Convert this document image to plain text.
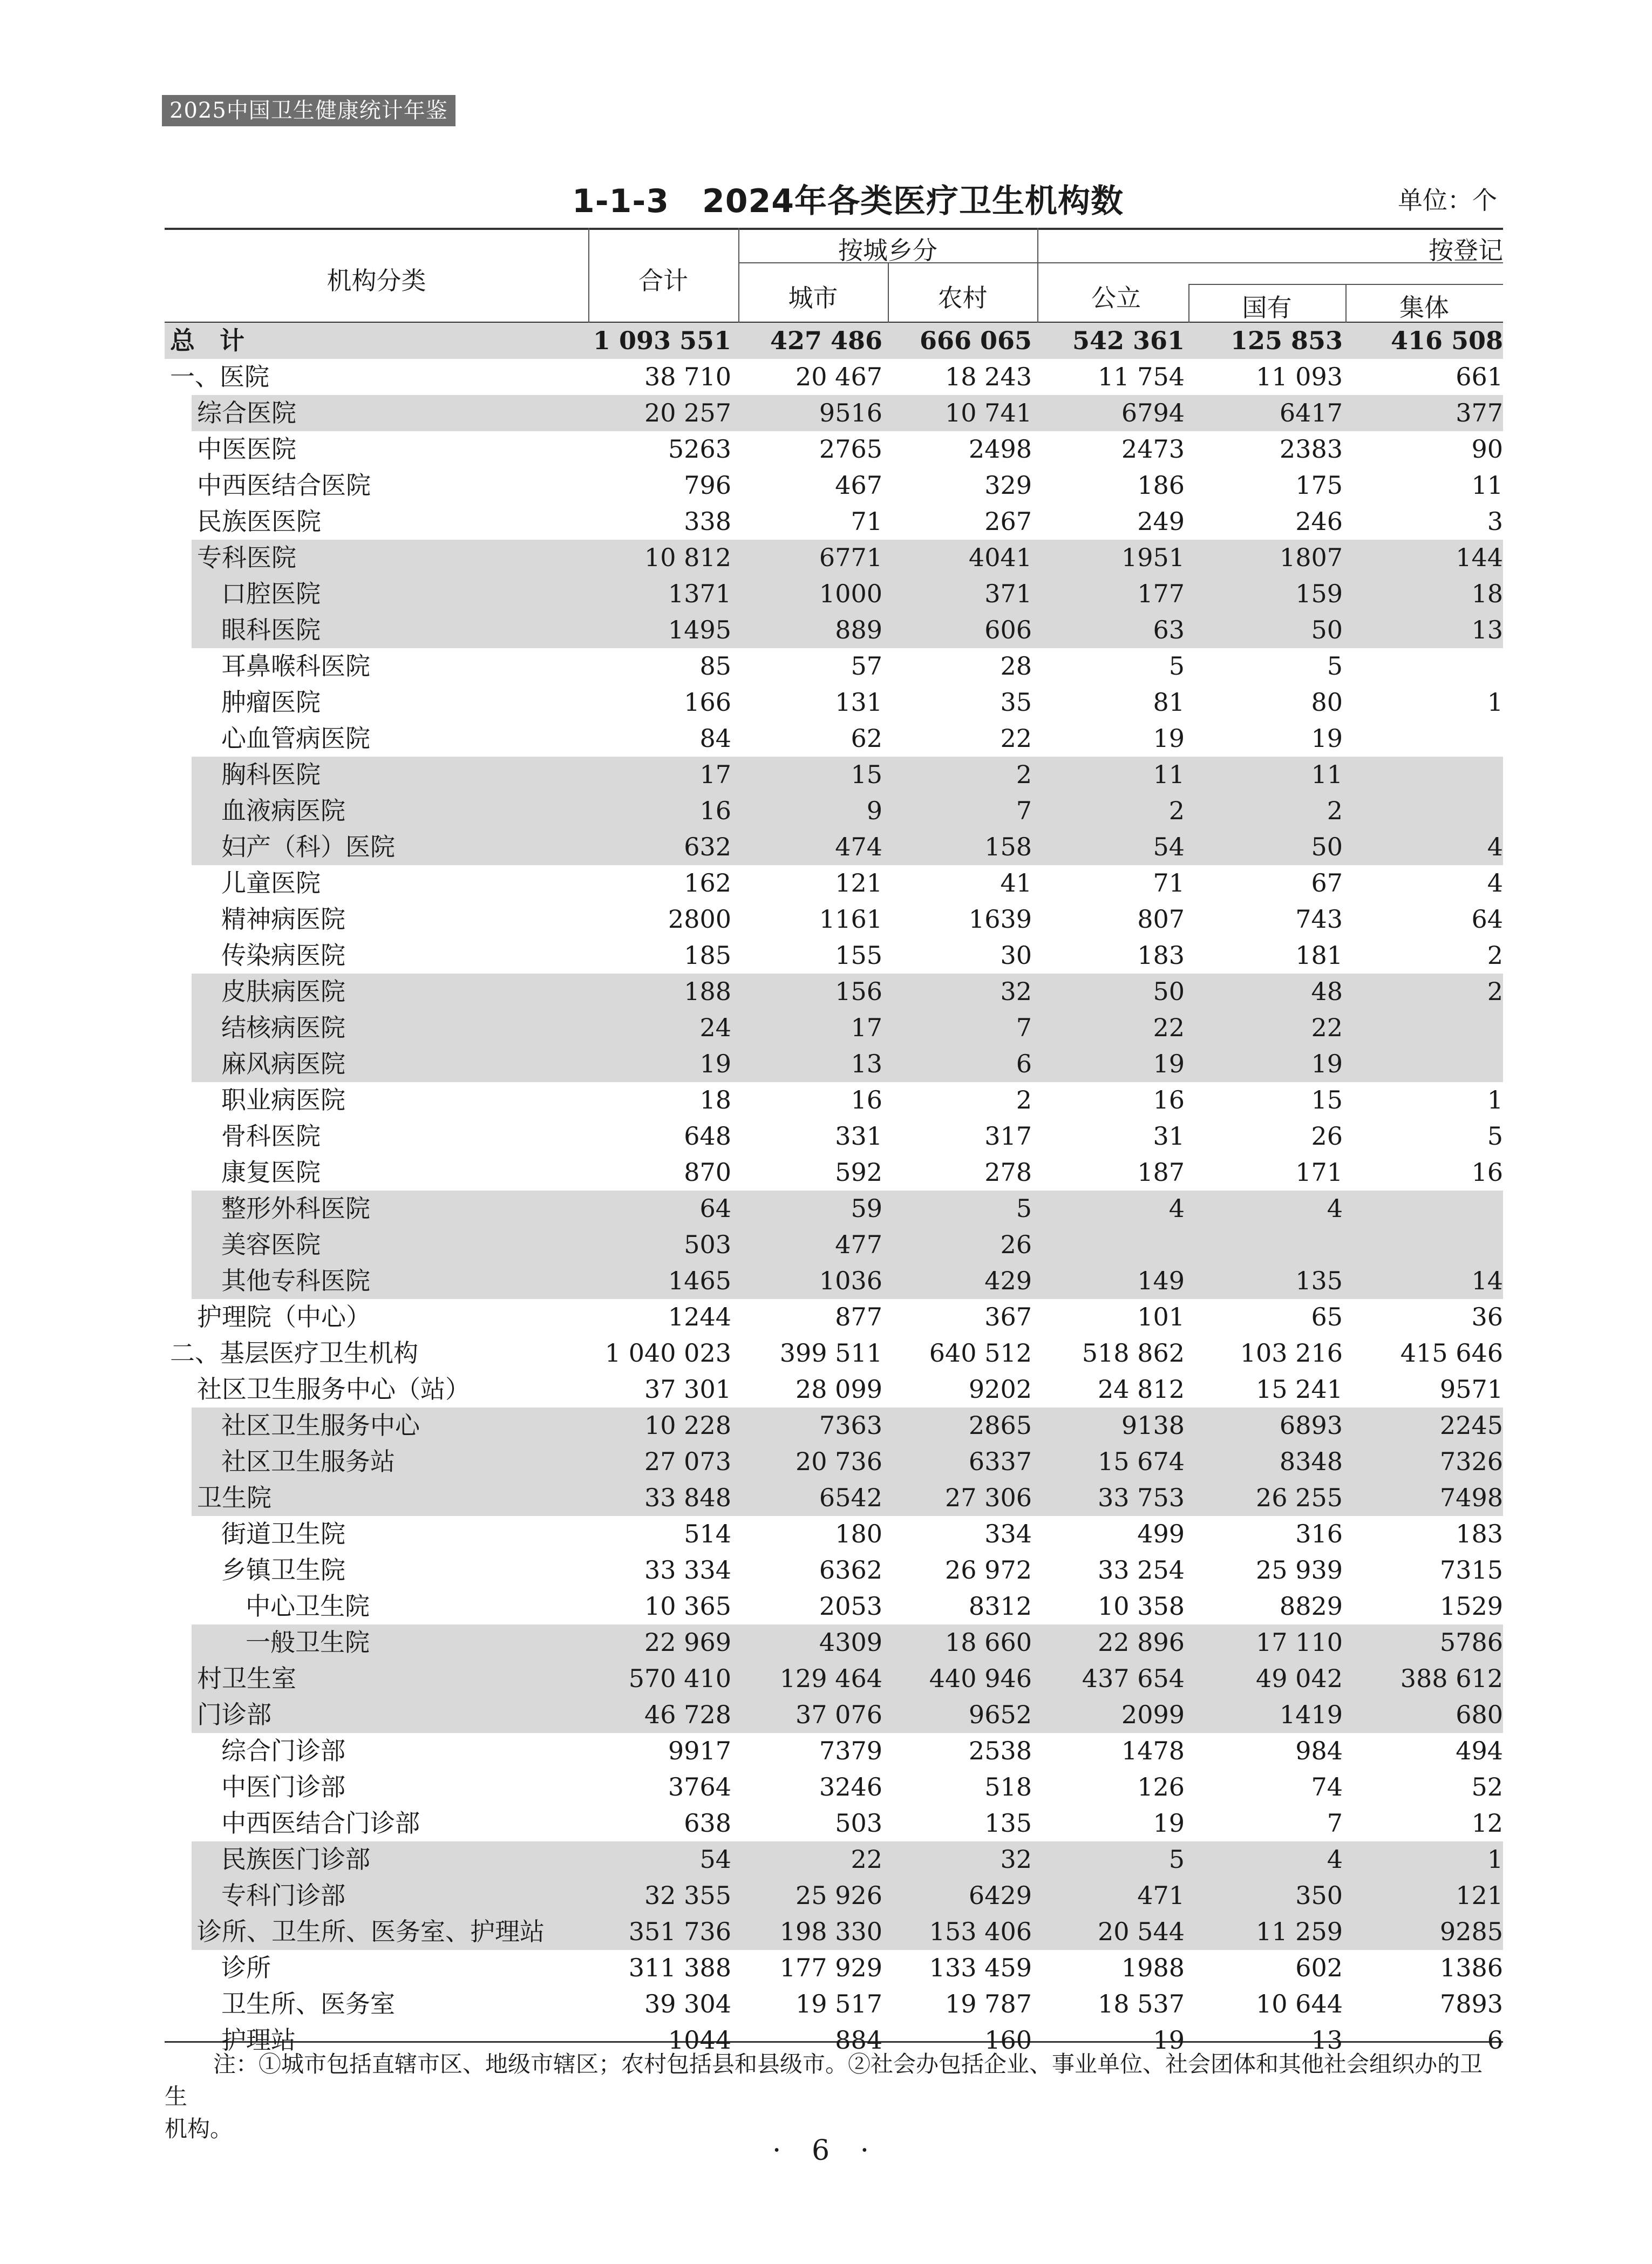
2025中国卫生健康统计年鉴
1-1-3　2024年各类医疗卫生机构数	单位：个
机构分类	合计
按城乡分
城市	农村
按登记
公立	国有	集体
总　计	1 093 551	427 486	666 065	542 361	125 853	416 508
一、医院	38 710	20 467	18 243	11 754	11 093	661
综合医院	20 257	9516	10 741	6794	6417	377
中医医院	5263	2765	2498	2473	2383	90
中西医结合医院	796	467	329	186	175	11
民族医医院	338	71	267	249	246	3
专科医院	10 812	6771	4041	1951	1807	144
口腔医院	1371	1000	371	177	159	18
眼科医院	1495	889	606	63	50	13
耳鼻喉科医院	85	57	28	5	5
肿瘤医院	166	131	35	81	80	1
心血管病医院	84	62	22	19	19
胸科医院	17	15	2	11	11
血液病医院	16	9	7	2	2
妇产（科）医院	632	474	158	54	50	4
儿童医院	162	121	41	71	67	4
精神病医院	2800	1161	1639	807	743	64
传染病医院	185	155	30	183	181	2
皮肤病医院	188	156	32	50	48	2
结核病医院	24	17	7	22	22
麻风病医院	19	13	6	19	19
职业病医院	18	16	2	16	15	1
骨科医院	648	331	317	31	26	5
康复医院	870	592	278	187	171	16
整形外科医院	64	59	5	4	4
美容医院	503	477	26
其他专科医院	1465	1036	429	149	135	14
护理院（中心）	1244	877	367	101	65	36
二、基层医疗卫生机构	1 040 023	399 511	640 512	518 862	103 216	415 646
社区卫生服务中心（站）	37 301	28 099	9202	24 812	15 241	9571
社区卫生服务中心	10 228	7363	2865	9138	6893	2245
社区卫生服务站	27 073	20 736	6337	15 674	8348	7326
卫生院	33 848	6542	27 306	33 753	26 255	7498
街道卫生院	514	180	334	499	316	183
乡镇卫生院	33 334	6362	26 972	33 254	25 939	7315
中心卫生院	10 365	2053	8312	10 358	8829	1529
一般卫生院	22 969	4309	18 660	22 896	17 110	5786
村卫生室	570 410	129 464	440 946	437 654	49 042	388 612
门诊部	46 728	37 076	9652	2099	1419	680
综合门诊部	9917	7379	2538	1478	984	494
中医门诊部	3764	3246	518	126	74	52
中西医结合门诊部	638	503	135	19	7	12
民族医门诊部	54	22	32	5	4	1
专科门诊部	32 355	25 926	6429	471	350	121
诊所、卫生所、医务室、护理站	351 736	198 330	153 406	20 544	11 259	9285
诊所	311 388	177 929	133 459	1988	602	1386
卫生所、医务室	39 304	19 517	19 787	18 537	10 644	7893
护理站	1044	884	160	19	13	6
注：①城市包括直辖市区、地级市辖区；农村包括县和县级市。②社会办包括企业、事业单位、社会团体和其他社会组织办的卫生
机构。
· 6 ·
